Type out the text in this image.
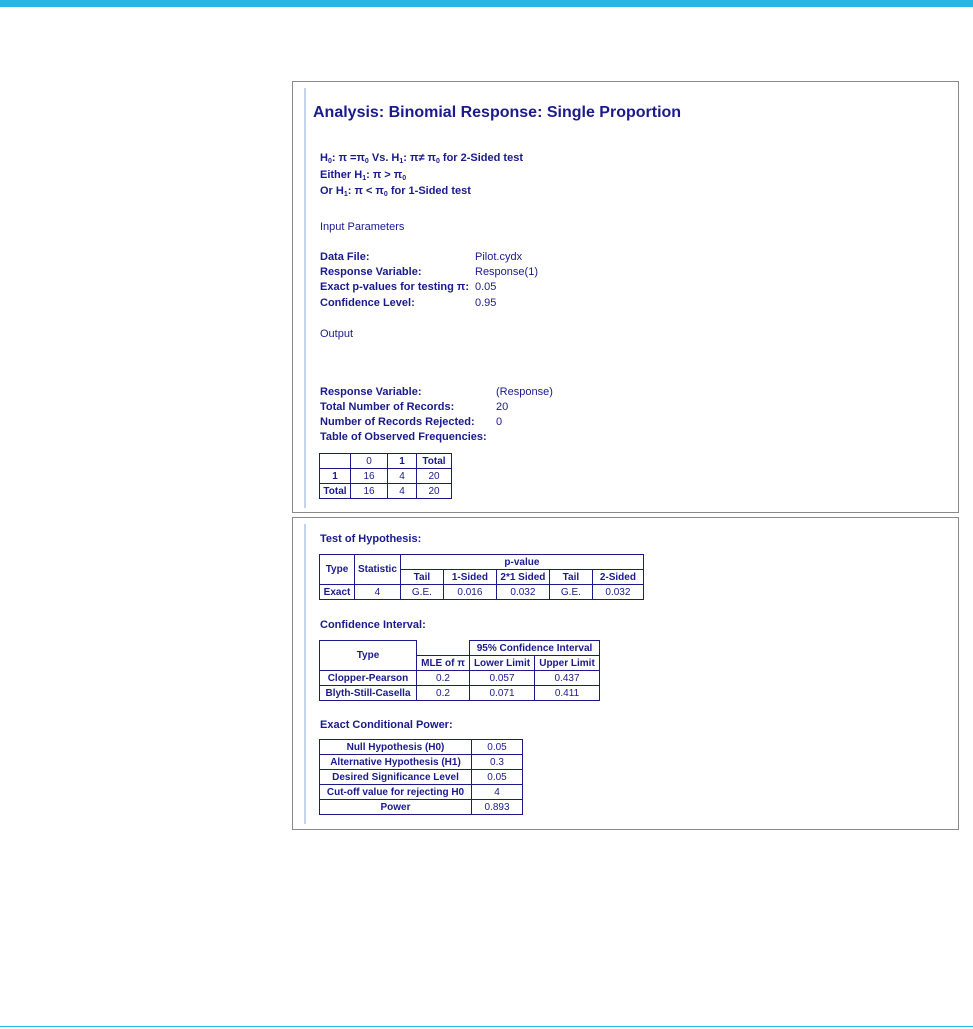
Analysis: Binomial Response: Single Proportion
$H_0$: $\pi =\pi_0$ Vs. $H_1$: $\pi\ne \pi_0$ for 2-Sided test
Either $H_1$: $\pi > \pi_0$
Or $H_1$: $\pi < \pi_0$ for 1-Sided test
Input Parameters
Data File:	Pilot.cydx
Response Variable:	Response(1)
Exact p-values for testing π: 0.05
Confidence Level:	0.95
Output
Response Variable:	(Response)
Total Number of Records:	20
Number of Records Rejected: 0
Table of Observed Frequencies:
	0	1	Total
1	16	4	20
Total	16	4	20
Test of Hypothesis:
Type	Statistic	p-value				
		Tail	1-Sided	2*1 Sided	Tail	2-Sided
Exact	4	G.E.	0.016	0.032	G.E.	0.032
Confidence Interval:
Type		95% Confidence Interval	
	MLE of π	Lower Limit	Upper Limit
Clopper-Pearson	0.2	0.057	0.437
Blyth-Still-Casella	0.2	0.071	0.411
Exact Conditional Power:
Null Hypothesis (H0)	0.05
Alternative Hypothesis (H1)	0.3
Desired Significance Level	0.05
Cut-off value for rejecting H0	4
Power	0.893
